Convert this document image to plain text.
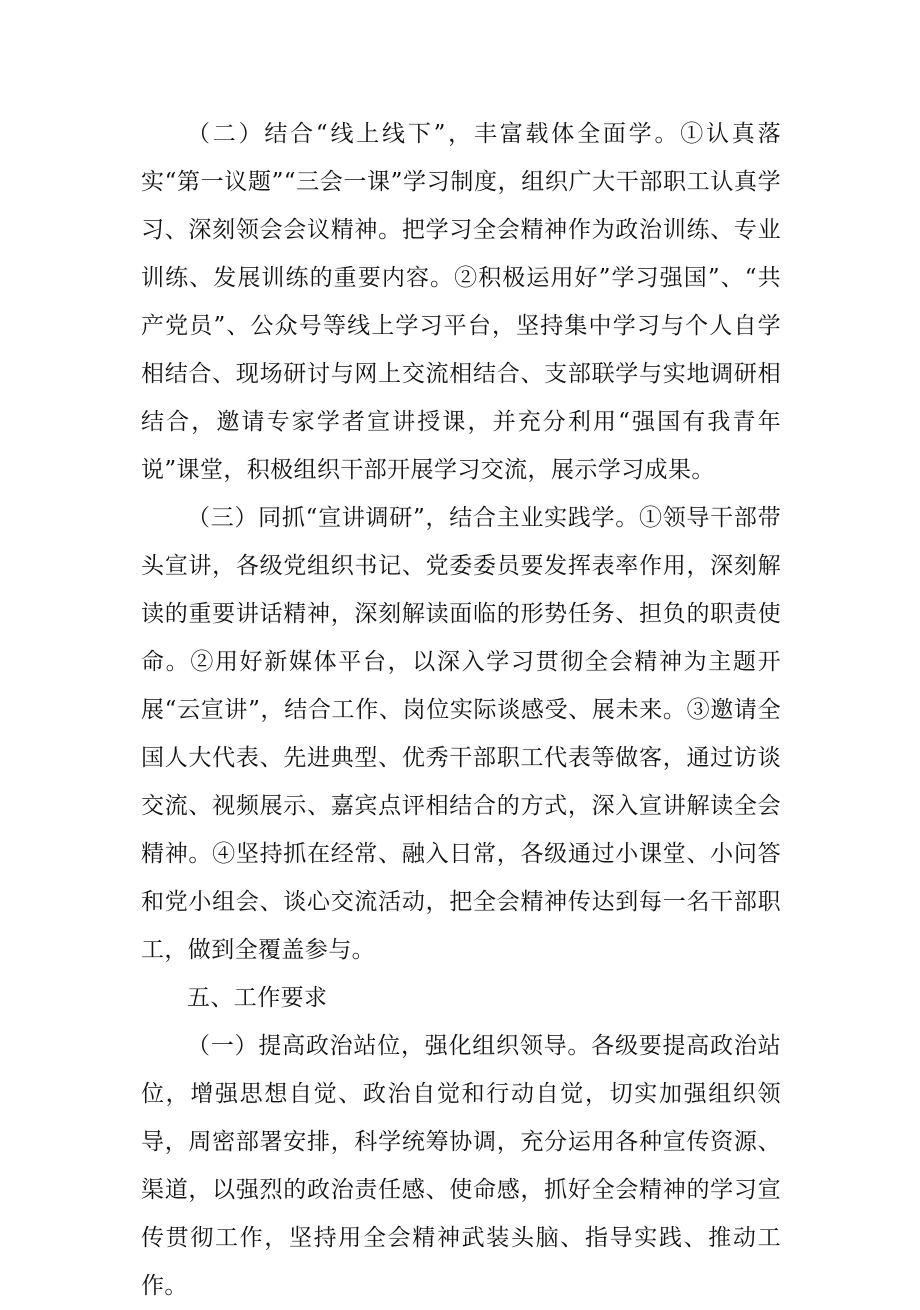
（二）结合“线上线下”，丰富载体全面学。①认真落实“第一议题”“三会一课”学习制度，组织广大干部职工认真学习、深刻领会会议精神。把学习全会精神作为政治训练、专业训练、发展训练的重要内容。②积极运用好”学习强国”、“共产党员”、公众号等线上学习平台，坚持集中学习与个人自学相结合、现场研讨与网上交流相结合、支部联学与实地调研相结合，邀请专家学者宣讲授课，并充分利用“强国有我青年说”课堂，积极组织干部开展学习交流，展示学习成果。

（三）同抓“宣讲调研”，结合主业实践学。①领导干部带头宣讲，各级党组织书记、党委委员要发挥表率作用，深刻解读的重要讲话精神，深刻解读面临的形势任务、担负的职责使命。②用好新媒体平台，以深入学习贯彻全会精神为主题开展“云宣讲”，结合工作、岗位实际谈感受、展未来。③邀请全国人大代表、先进典型、优秀干部职工代表等做客，通过访谈交流、视频展示、嘉宾点评相结合的方式，深入宣讲解读全会精神。④坚持抓在经常、融入日常，各级通过小课堂、小问答和党小组会、谈心交流活动，把全会精神传达到每一名干部职工，做到全覆盖参与。

五、工作要求

（一）提高政治站位，强化组织领导。各级要提高政治站位，增强思想自觉、政治自觉和行动自觉，切实加强组织领导，周密部署安排，科学统筹协调，充分运用各种宣传资源、渠道，以强烈的政治责任感、使命感，抓好全会精神的学习宣传贯彻工作，坚持用全会精神武装头脑、指导实践、推动工作。
